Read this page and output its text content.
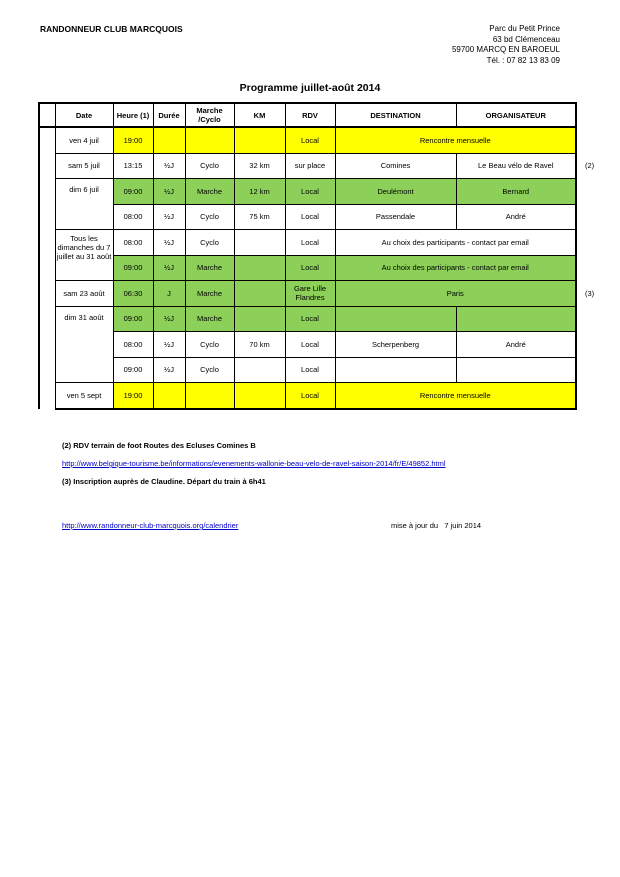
RANDONNEUR CLUB MARCQUOIS	Parc du Petit Prince
63 bd Clémenceau
59700 MARCQ EN BAROEUL
Tél. : 07 82 13 83 09
Programme juillet-août 2014
	Date	Heure (1)	Durée	Marche /Cyclo	KM	RDV	DESTINATION	ORGANISATEUR	
	ven 4 juil	19:00				Local	Rencontre mensuelle		
	sam 5 juil	13:15	½J	Cyclo	32 km	sur place	Comines	Le Beau vélo de Ravel	(2)
	dim 6 juil	09:00	½J	Marche	12 km	Local	Deulémont	Bernard	
		08:00	½J	Cyclo	75 km	Local	Passendale	André	
	Tous les dimanches du 7 juillet au 31 août	08:00	½J	Cyclo		Local	Au choix des participants - contact par email		
		09:00	½J	Marche		Local	Au choix des participants - contact par email		
	sam 23 août	06:30	J	Marche		Gare Lille Flandres	Paris		(3)
	dim 31 août	09:00	½J	Marche		Local			
		08:00	½J	Cyclo	70 km	Local	Scherpenberg	André	
		09:00	½J	Cyclo		Local			
	ven 5 sept	19:00				Local	Rencontre mensuelle		
(2) RDV terrain de foot Routes des Ecluses Comines B
http://www.belgique-tourisme.be/informations/evenements-wallonie-beau-velo-de-ravel-saison-2014/fr/E/49852.html
(3) Inscription auprès de Claudine. Départ du train à 6h41
http://www.randonneur-club-marcquois.org/calendrier	mise à jour du 7 juin 2014
